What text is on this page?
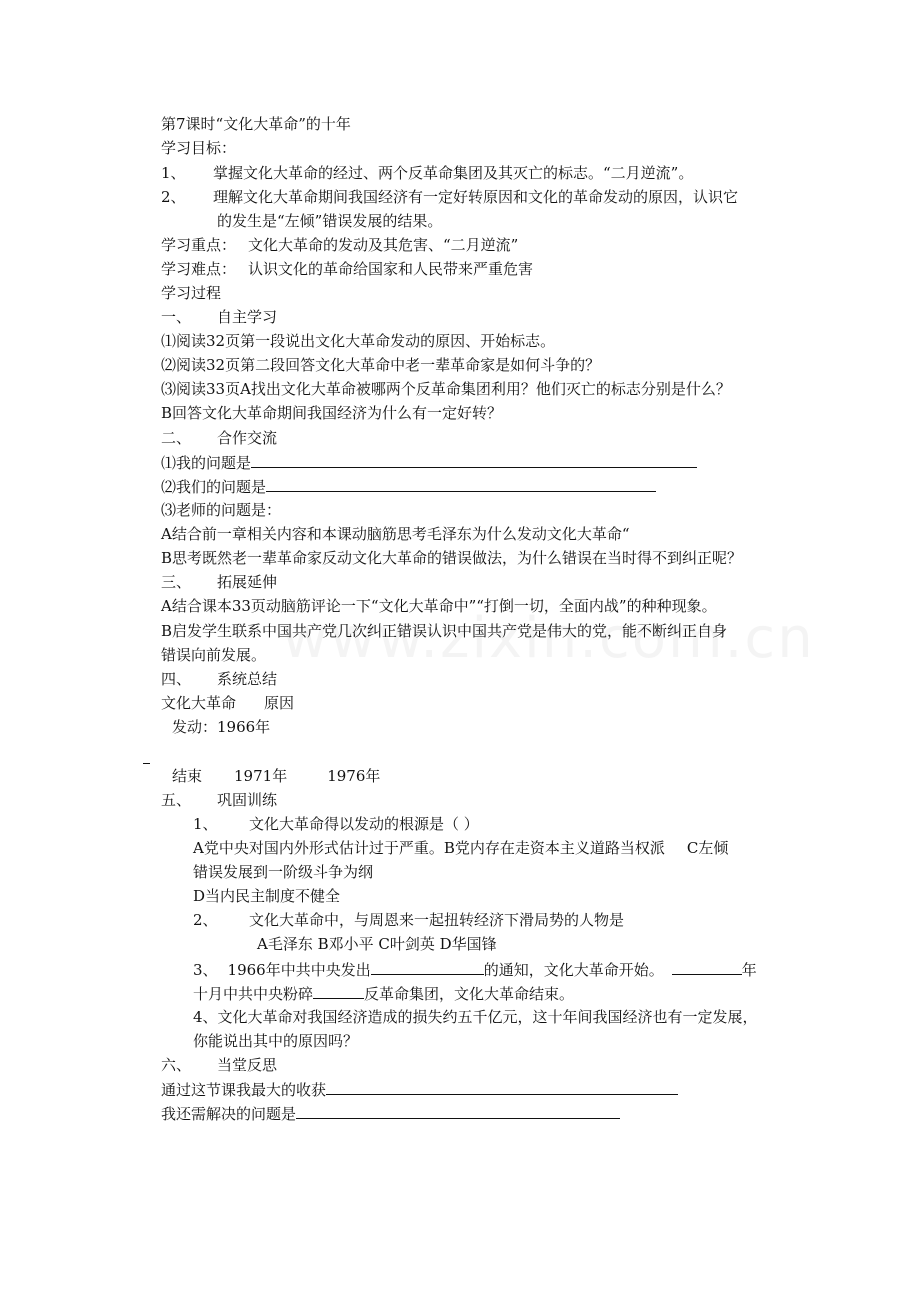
第7课时“文化大革命”的十年
学习目标：
1、 掌握文化大革命的经过、两个反革命集团及其灭亡的标志。“二月逆流”。
2、 理解文化大革命期间我国经济有一定好转原因和文化的革命发动的原因，认识它
的发生是“左倾”错误发展的结果。
学习重点： 文化大革命的发动及其危害、“二月逆流”
学习难点： 认识文化的革命给国家和人民带来严重危害
学习过程
一、 自主学习
⑴阅读32页第一段说出文化大革命发动的原因、开始标志。
⑵阅读32页第二段回答文化大革命中老一辈革命家是如何斗争的？
⑶阅读33页A找出文化大革命被哪两个反革命集团利用？他们灭亡的标志分别是什么？
B回答文化大革命期间我国经济为什么有一定好转？
二、 合作交流
⑴我的问题是
⑵我们的问题是
⑶老师的问题是：
A结合前一章相关内容和本课动脑筋思考毛泽东为什么发动文化大革命“
B思考既然老一辈革命家反动文化大革命的错误做法，为什么错误在当时得不到纠正呢？
三、 拓展延伸
A结合课本33页动脑筋评论一下“文化大革命中”“打倒一切，全面内战”的种种现象。
B启发学生联系中国共产党几次纠正错误认识中国共产党是伟大的党，能不断纠正自身
错误向前发展。
四、 系统总结
文化大革命 原因
发动：1966年
结束 1971年	1976年
五、 巩固训练
1、 文化大革命得以发动的根源是（ ）
A党中央对国内外形式估计过于严重。B党内存在走资本主义道路当权派 C左倾
错误发展到一阶级斗争为纲
D当内民主制度不健全
2、 文化大革命中，与周恩来一起扭转经济下滑局势的人物是
A毛泽东 B邓小平 C叶剑英 D华国锋
3、 1966年中共中央发出	的通知，文化大革命开始。	年
十月中共中央粉碎	反革命集团，文化大革命结束。
4、文化大革命对我国经济造成的损失约五千亿元，这十年间我国经济也有一定发展，
你能说出其中的原因吗？
六、 当堂反思
通过这节课我最大的收获
我还需解决的问题是
